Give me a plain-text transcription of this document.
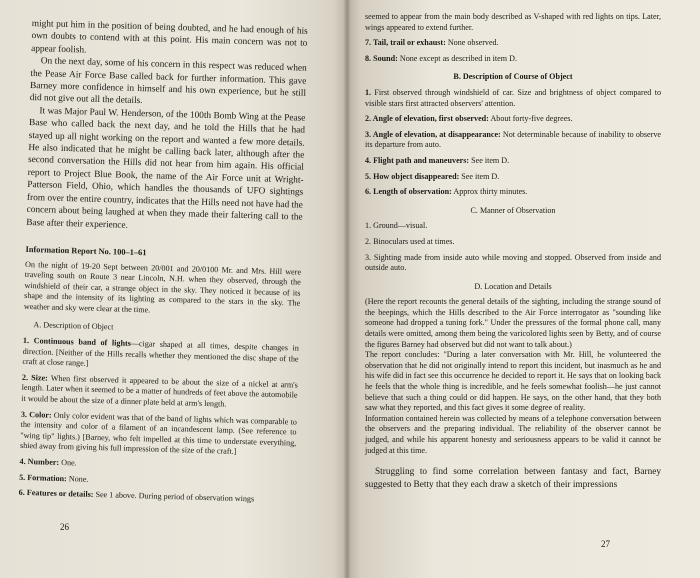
might put him in the position of being doubted, and he had enough of his own doubts to contend with at this point. His main concern was not to appear foolish.

On the next day, some of his concern in this respect was reduced when the Pease Air Force Base called back for further information. This gave Barney more confidence in himself and his own experience, but he still did not give out all the details.

It was Major Paul W. Henderson, of the 100th Bomb Wing at the Pease Base who called back the next day, and he told the Hills that he had stayed up all night working on the report and wanted a few more details. He also indicated that he might be calling back later, although after the second conversation the Hills did not hear from him again. His official report to Project Blue Book, the name of the Air Force unit at Wright-Patterson Field, Ohio, which handles the thousands of UFO sightings from over the entire country, indicates that the Hills need not have had the concern about being laughed at when they made their faltering call to the Base after their experience.

Information Report No. 100–1–61

On the night of 19-20 Sept between 20/001 and 20/0100 Mr. and Mrs. Hill were traveling south on Route 3 near Lincoln, N.H. when they observed, through the windshield of their car, a strange object in the sky. They noticed it because of its shape and the intensity of its lighting as compared to the stars in the sky. The weather and sky were clear at the time.

A. Description of Object

1. Continuous band of lights—cigar shaped at all times, despite changes in direction. [Neither of the Hills recalls whether they mentioned the disc shape of the craft at close range.]

2. Size: When first observed it appeared to be about the size of a nickel at arm's length. Later when it seemed to be a matter of hundreds of feet above the automobile it would be about the size of a dinner plate held at arm's length.

3. Color: Only color evident was that of the band of lights which was comparable to the intensity and color of a filament of an incandescent lamp. (See reference to "wing tip" lights.) [Barney, who felt impelled at this time to understate everything, shied away from giving his full impression of the size of the craft.]

4. Number: One.

5. Formation: None.

6. Features or details: See 1 above. During period of observation wings

26

seemed to appear from the main body described as V-shaped with red lights on tips. Later, wings appeared to extend further.

7. Tail, trail or exhaust: None observed.

8. Sound: None except as described in item D.

B. Description of Course of Object

1. First observed through windshield of car. Size and brightness of object compared to visible stars first attracted observers' attention.

2. Angle of elevation, first observed: About forty-five degrees.

3. Angle of elevation, at disappearance: Not determinable because of inability to observe its departure from auto.

4. Flight path and maneuvers: See item D.

5. How object disappeared: See item D.

6. Length of observation: Approx thirty minutes.

C. Manner of Observation

1. Ground—visual.

2. Binoculars used at times.

3. Sighting made from inside auto while moving and stopped. Observed from inside and outside auto.

D. Location and Details

(Here the report recounts the general details of the sighting, including the strange sound of the beepings, which the Hills described to the Air Force interrogator as "sounding like someone had dropped a tuning fork." Under the pressures of the formal phone call, many details were omitted, among them being the varicolored lights seen by Betty, and of course the figures Barney had observed but did not want to talk about.)

The report concludes: "During a later conversation with Mr. Hill, he volunteered the observation that he did not originally intend to report this incident, but inasmuch as he and his wife did in fact see this occurrence he decided to report it. He says that on looking back he feels that the whole thing is incredible, and he feels somewhat foolish—he just cannot believe that such a thing could or did happen. He says, on the other hand, that they both saw what they reported, and this fact gives it some degree of reality.

Information contained herein was collected by means of a telephone conversation between the observers and the preparing individual. The reliability of the observer cannot be judged, and while his apparent honesty and seriousness appears to be valid it cannot be judged at this time.

Struggling to find some correlation between fantasy and fact, Barney suggested to Betty that they each draw a sketch of their impressions

27
